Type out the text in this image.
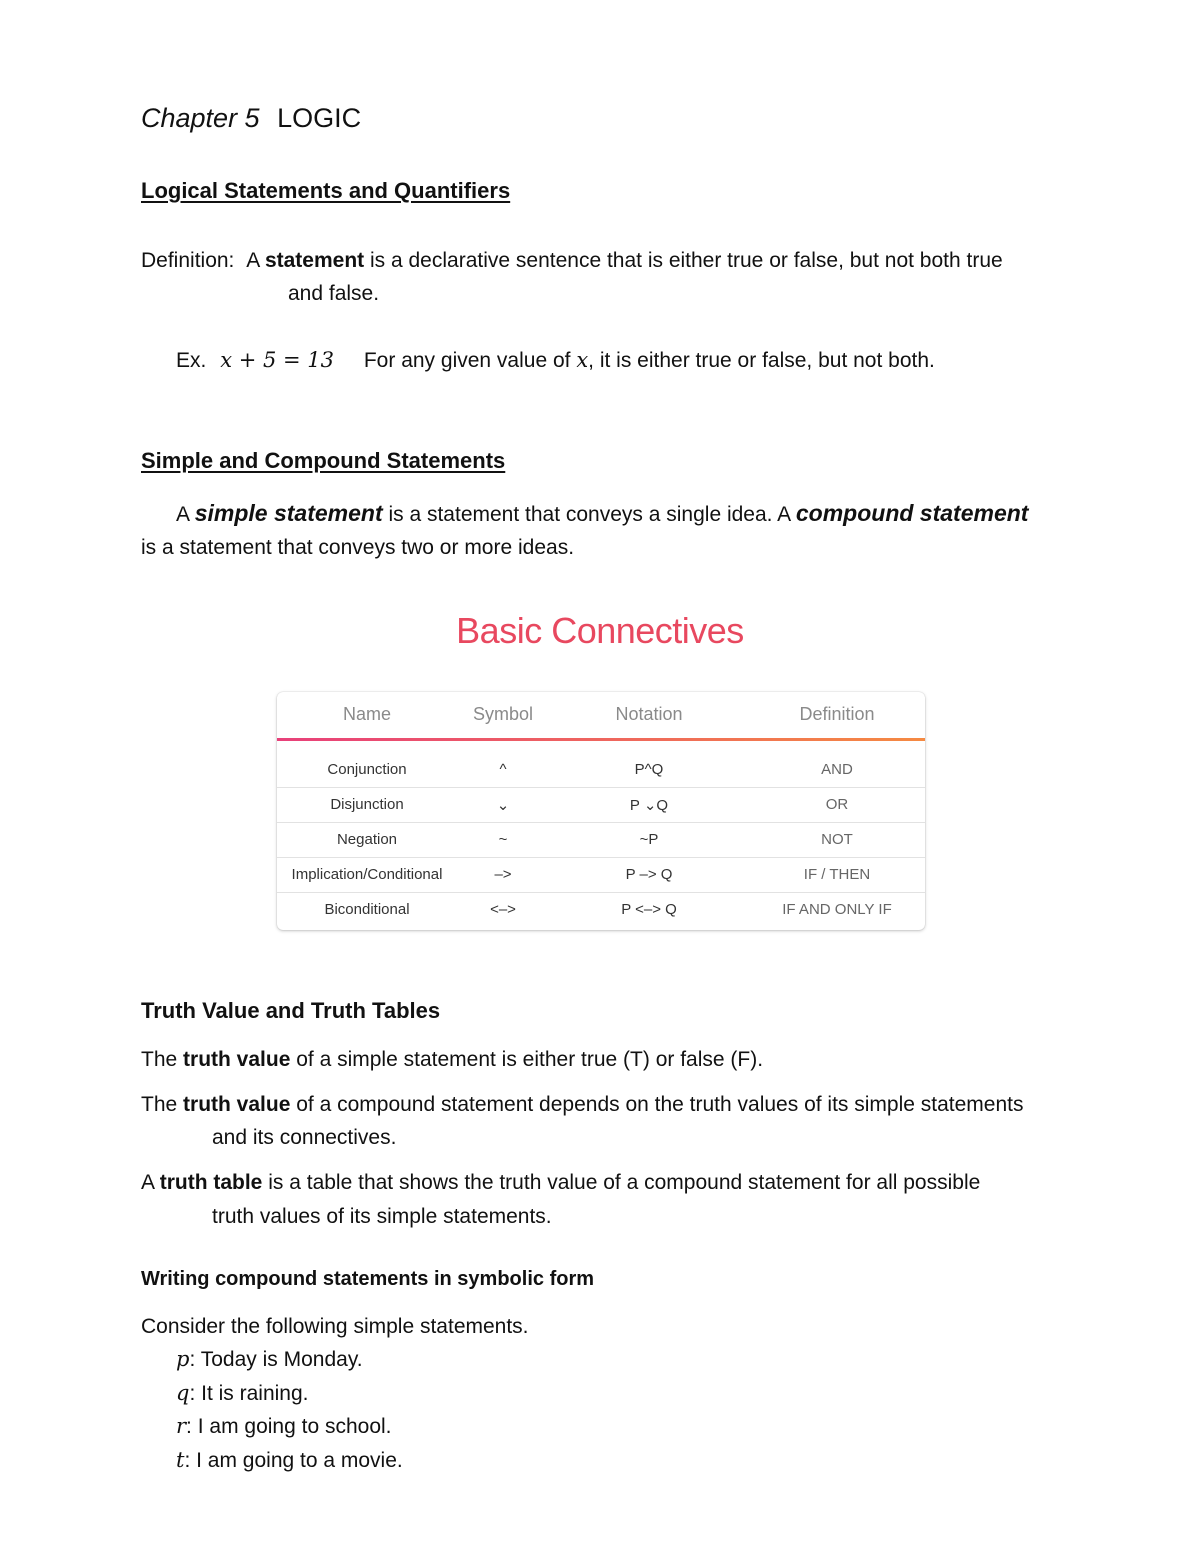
Chapter 5 LOGIC
Logical Statements and Quantifiers
Definition: A statement is a declarative sentence that is either true or false, but not both true
and false.
Ex. x + 5 = 13 For any given value of x, it is either true or false, but not both.
Simple and Compound Statements
A simple statement is a statement that conveys a single idea. A compound statement
is a statement that conveys two or more ideas.
Basic Connectives
Name	Symbol	Notation	Definition
Conjunction	^	P^Q	AND
Disjunction	⌄	P ⌄Q	OR
Negation	~	~P	NOT
Implication/Conditional	–>	P –> Q	IF / THEN
Biconditional	<–>	P <–> Q	IF AND ONLY IF
Truth Value and Truth Tables
The truth value of a simple statement is either true (T) or false (F).
The truth value of a compound statement depends on the truth values of its simple statements
and its connectives.
A truth table is a table that shows the truth value of a compound statement for all possible
truth values of its simple statements.
Writing compound statements in symbolic form
Consider the following simple statements.
p: Today is Monday.
q: It is raining.
r: I am going to school.
t: I am going to a movie.
